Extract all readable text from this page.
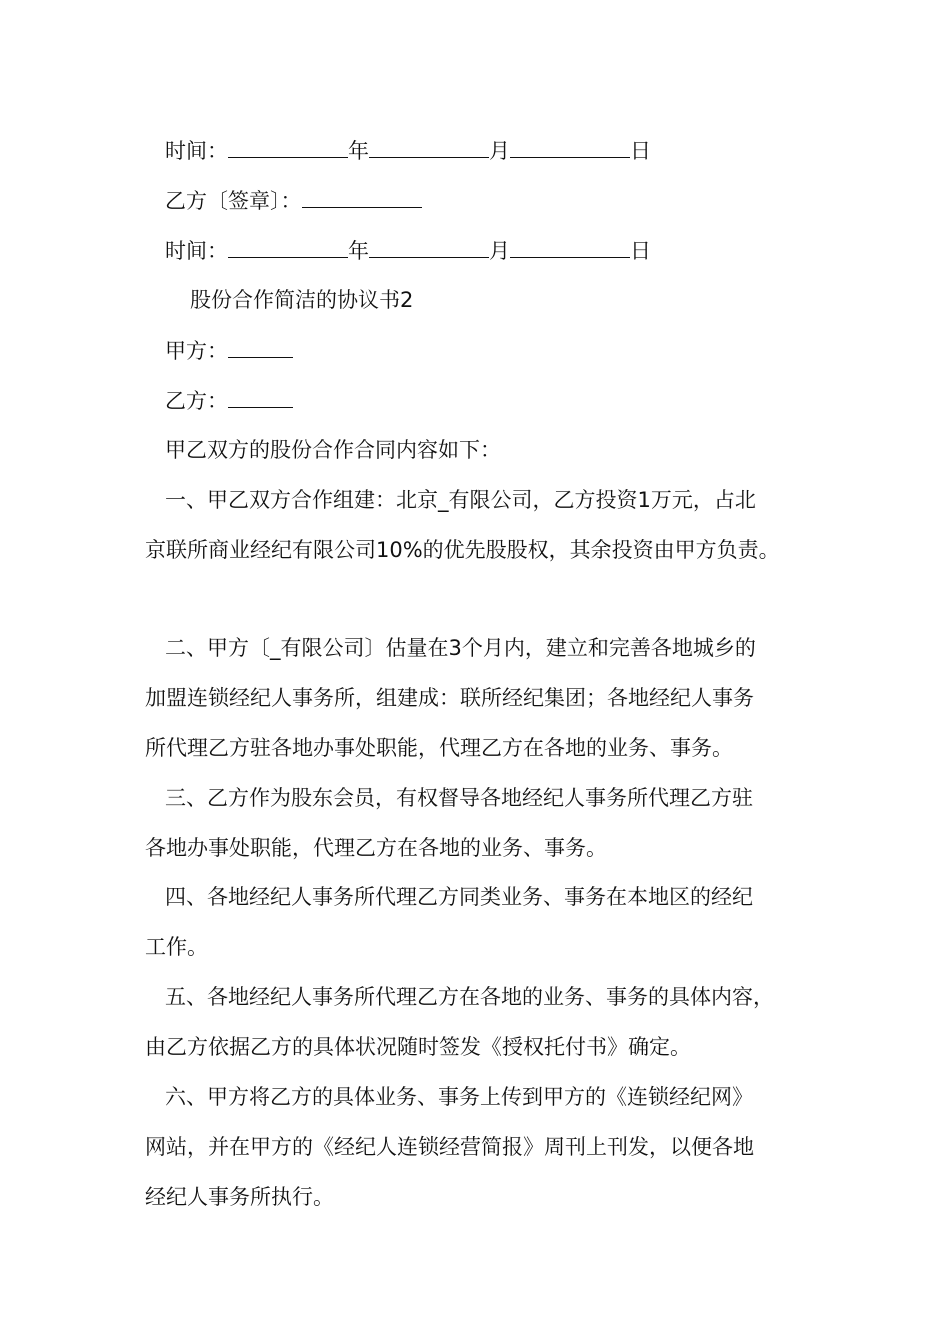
时间：	年	月	日
乙方〔签章〕：
时间：	年	月	日
股份合作简洁的协议书2
甲方：
乙方：
甲乙双方的股份合作合同内容如下：
一、甲乙双方合作组建：北京_有限公司，乙方投资1万元，占北
京联所商业经纪有限公司10%的优先股股权，其余投资由甲方负责。
二、甲方〔_有限公司〕估量在3个月内，建立和完善各地城乡的
加盟连锁经纪人事务所，组建成：联所经纪集团；各地经纪人事务
所代理乙方驻各地办事处职能，代理乙方在各地的业务、事务。
三、乙方作为股东会员，有权督导各地经纪人事务所代理乙方驻
各地办事处职能，代理乙方在各地的业务、事务。
四、各地经纪人事务所代理乙方同类业务、事务在本地区的经纪
工作。
五、各地经纪人事务所代理乙方在各地的业务、事务的具体内容，
由乙方依据乙方的具体状况随时签发《授权托付书》确定。
六、甲方将乙方的具体业务、事务上传到甲方的《连锁经纪网》
网站，并在甲方的《经纪人连锁经营简报》周刊上刊发，以便各地
经纪人事务所执行。
